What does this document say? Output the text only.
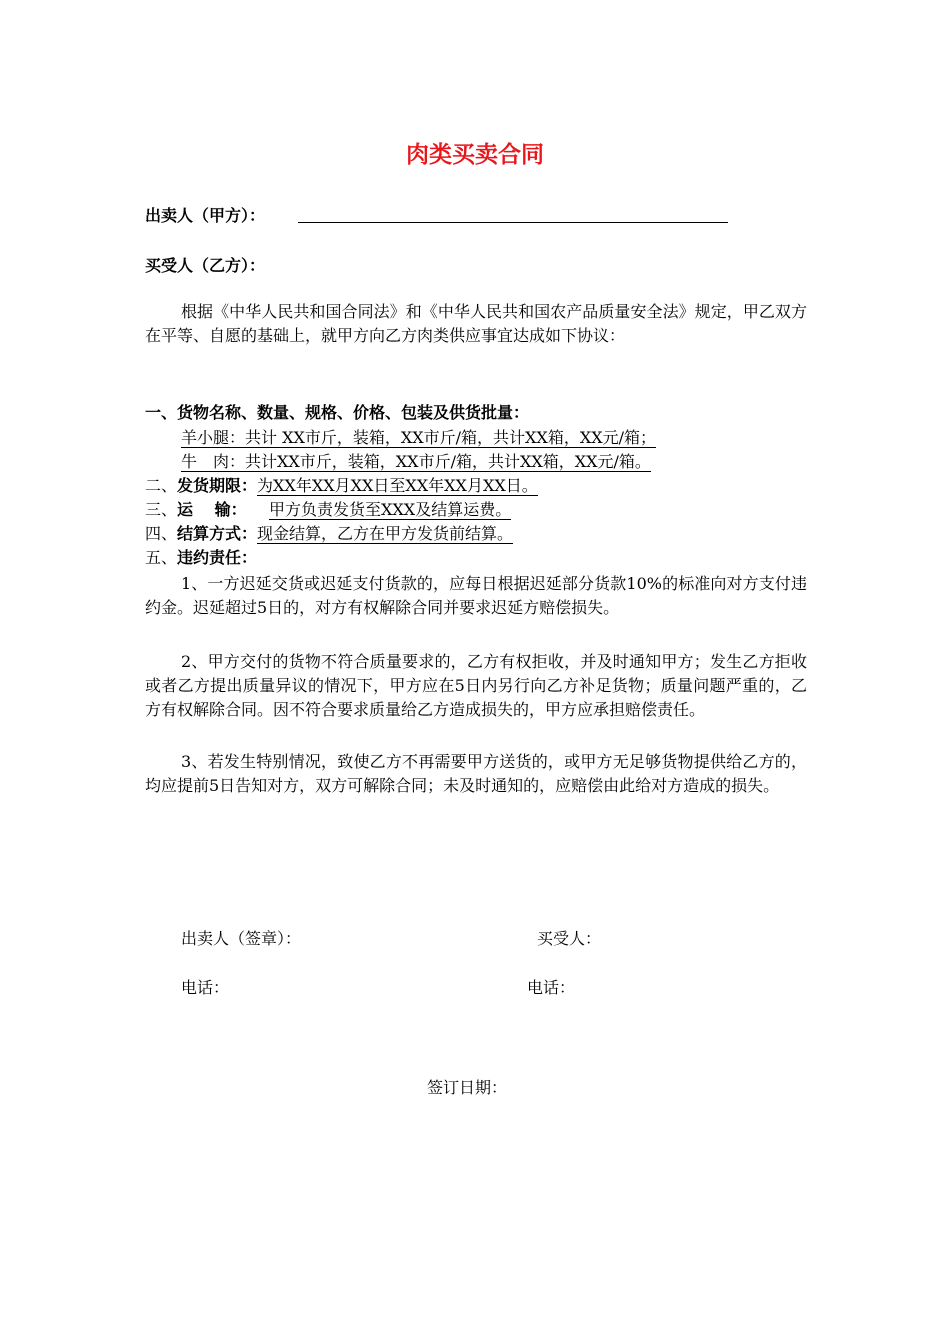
肉类买卖合同
出卖人（甲方）：
买受人（乙方）：
根据《中华人民共和国合同法》和《中华人民共和国农产品质量安全法》规定，甲乙双方在平等、自愿的基础上，就甲方向乙方肉类供应事宜达成如下协议：
一、货物名称、数量、规格、价格、包装及供货批量：
羊小腿：共计 XX市斤，装箱，XX市斤/箱，共计XX箱，XX元/箱；
牛　肉：共计XX市斤，装箱，XX市斤/箱，共计XX箱，XX元/箱。
二、发货期限：为XX年XX月XX日至XX年XX月XX日。
三、运　 输： 甲方负责发货至XXX及结算运费。
四、结算方式：现金结算，乙方在甲方发货前结算。
五、违约责任：
1、一方迟延交货或迟延支付货款的，应每日根据迟延部分货款10%的标准向对方支付违约金。迟延超过5日的，对方有权解除合同并要求迟延方赔偿损失。
2、甲方交付的货物不符合质量要求的，乙方有权拒收，并及时通知甲方；发生乙方拒收或者乙方提出质量异议的情况下，甲方应在5日内另行向乙方补足货物；质量问题严重的，乙方有权解除合同。因不符合要求质量给乙方造成损失的，甲方应承担赔偿责任。
3、若发生特别情况，致使乙方不再需要甲方送货的，或甲方无足够货物提供给乙方的，均应提前5日告知对方，双方可解除合同；未及时通知的，应赔偿由此给对方造成的损失。
出卖人（签章）：	买受人：
电话：	电话：
签订日期：
